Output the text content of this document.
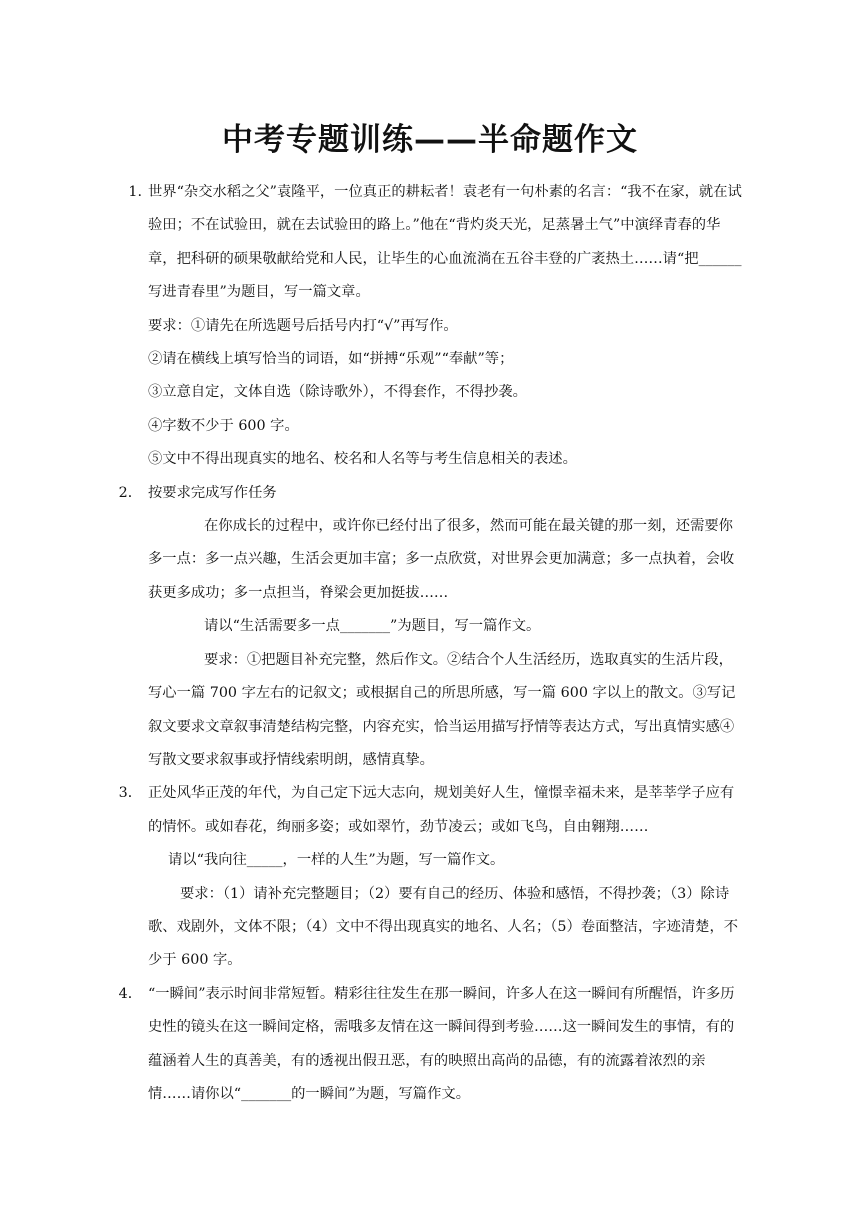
中考专题训练——半命题作文
1. 世界“杂交水稻之父”袁隆平，一位真正的耕耘者！袁老有一句朴素的名言：“我不在家，就在试验田；不在试验田，就在去试验田的路上。”他在“背灼炎天光，足蒸暑土气”中演绎青春的华章，把科研的硕果敬献给党和人民，让毕生的心血流淌在五谷丰登的广袤热土……请“把______写进青春里”为题目，写一篇文章。

要求：①请先在所选题号后括号内打“√”再写作。

②请在横线上填写恰当的词语，如“拼搏“乐观”“奉献”等；

③立意自定，文体自选（除诗歌外），不得套作，不得抄袭。

④字数不少于 600 字。

⑤文中不得出现真实的地名、校名和人名等与考生信息相关的表述。

2． 按要求完成写作任务

在你成长的过程中，或许你已经付出了很多，然而可能在最关键的那一刻，还需要你多一点：多一点兴趣，生活会更加丰富；多一点欣赏，对世界会更加满意；多一点执着，会收获更多成功；多一点担当，脊梁会更加挺拔……

请以“生活需要多一点_______”为题目，写一篇作文。

要求：①把题目补充完整，然后作文。②结合个人生活经历，选取真实的生活片段，写心一篇 700 字左右的记叙文；或根据自己的所思所感，写一篇 600 字以上的散文。③写记叙文要求文章叙事清楚结构完整，内容充实，恰当运用描写抒情等表达方式，写出真情实感④写散文要求叙事或抒情线索明朗，感情真挚。

3． 正处风华正茂的年代，为自己定下远大志向，规划美好人生，憧憬幸福未来，是莘莘学子应有的情怀。或如春花，绚丽多姿；或如翠竹，劲节凌云；或如飞鸟，自由翱翔……

请以“我向往_____，一样的人生”为题，写一篇作文。

要求：（1）请补充完整题目；（2）要有自己的经历、体验和感悟，不得抄袭；（3）除诗歌、戏剧外，文体不限；（4）文中不得出现真实的地名、人名；（5）卷面整洁，字迹清楚，不少于 600 字。

4． “一瞬间”表示时间非常短暂。精彩往往发生在那一瞬间，许多人在这一瞬间有所醒悟，许多历史性的镜头在这一瞬间定格，需哦多友情在这一瞬间得到考验……这一瞬间发生的事情，有的蕴涵着人生的真善美，有的透视出假丑恶，有的映照出高尚的品德，有的流露着浓烈的亲情……请你以“_______的一瞬间”为题，写篇作文。
